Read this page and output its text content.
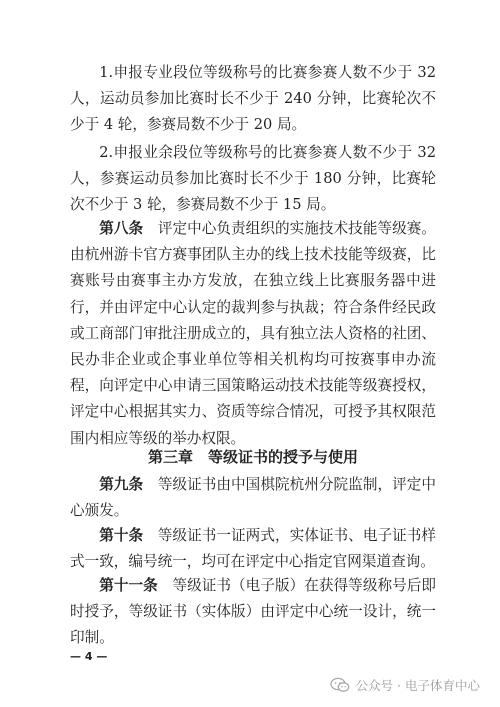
1.申报专业段位等级称号的比赛参赛人数不少于 32 人，运动员参加比赛时长不少于 240 分钟，比赛轮次不少于 4 轮，参赛局数不少于 20 局。

2.申报业余段位等级称号的比赛参赛人数不少于 32 人，参赛运动员参加比赛时长不少于 180 分钟，比赛轮次不少于 3 轮，参赛局数不少于 15 局。

第八条　 评定中心负责组织的实施技术技能等级赛。由杭州游卡官方赛事团队主办的线上技术技能等级赛，比赛账号由赛事主办方发放，在独立线上比赛服务器中进行，并由评定中心认定的裁判参与执裁；符合条件经民政或工商部门审批注册成立的，具有独立法人资格的社团、民办非企业或企事业单位等相关机构均可按赛事申办流程，向评定中心申请三国策略运动技术技能等级赛授权，评定中心根据其实力、资质等综合情况，可授予其权限范围内相应等级的举办权限。

第三章　等级证书的授予与使用

第九条　 等级证书由中国棋院杭州分院监制，评定中心颁发。

第十条　 等级证书一证两式，实体证书、电子证书样式一致，编号统一，均可在评定中心指定官网渠道查询。

第十一条　 等级证书（电子版）在获得等级称号后即时授予，等级证书（实体版）由评定中心统一设计，统一印制。

— 4 —
公众号 · 电子体育中心
